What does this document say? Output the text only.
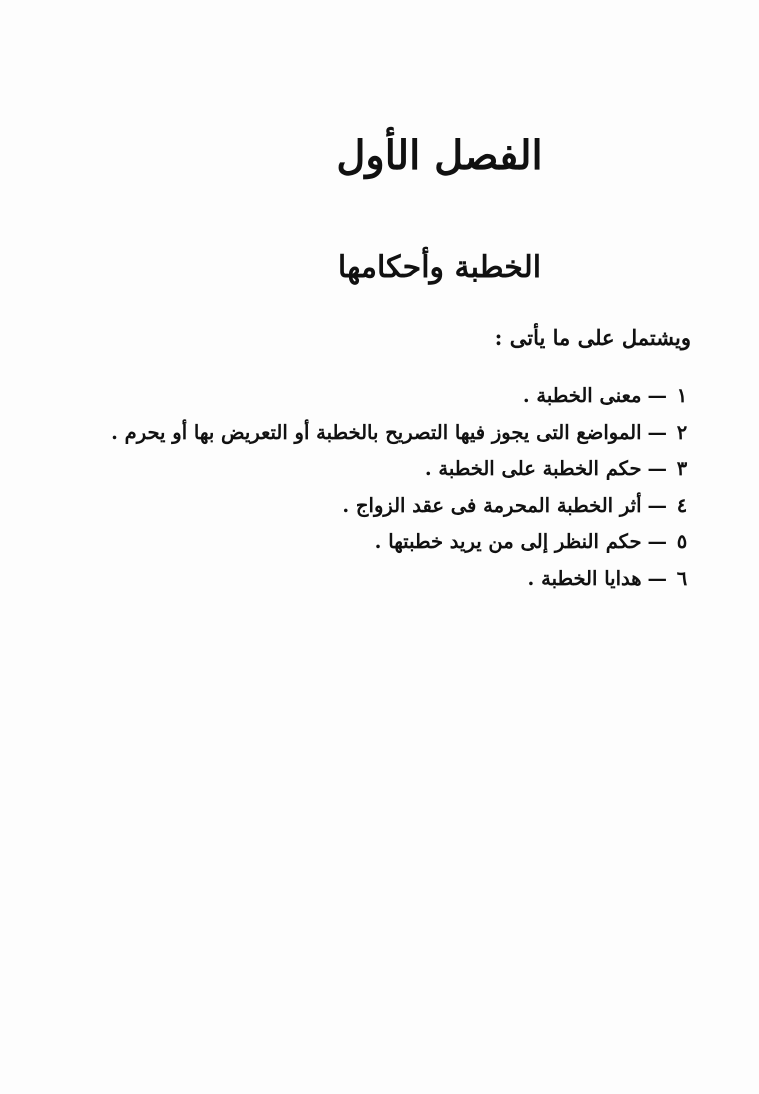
الفصل الأول
الخطبة وأحكامها
ويشتمل على ما يأتى :
١—معنى الخطبة .
٢—المواضع التى يجوز فيها التصريح بالخطبة أو التعريض بها أو يحرم .
٣—حكم الخطبة على الخطبة .
٤—أثر الخطبة المحرمة فى عقد الزواج .
٥—حكم النظر إلى من يريد خطبتها .
٦—هدايا الخطبة .
